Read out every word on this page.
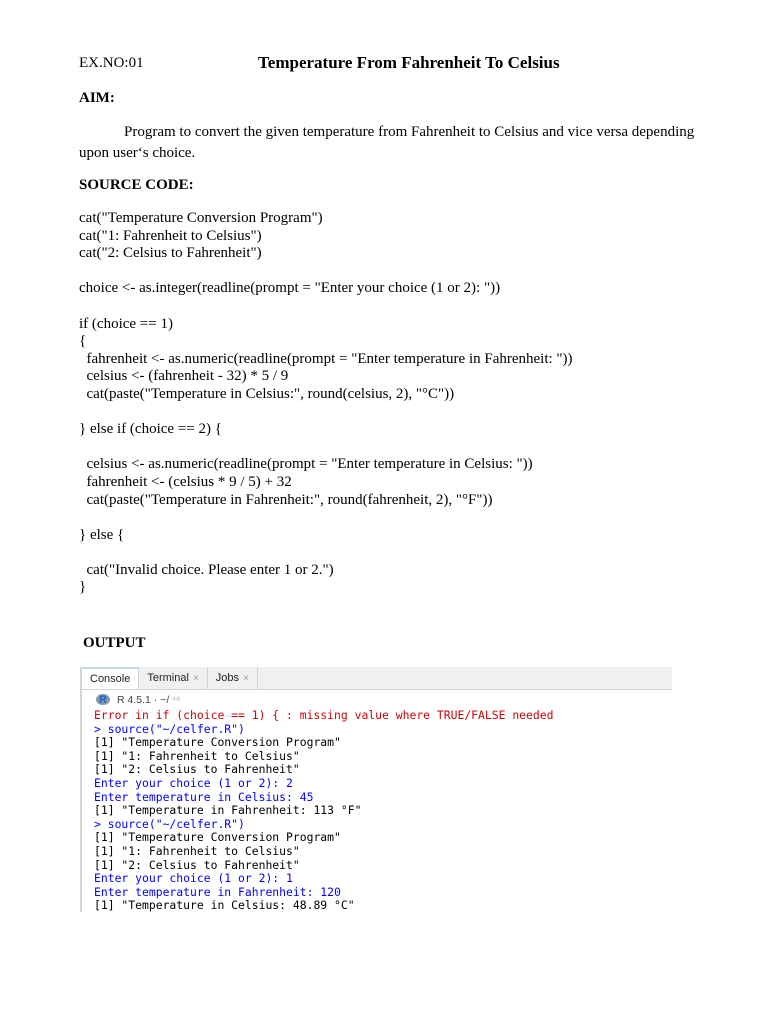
EX.NO:01	Temperature From Fahrenheit To Celsius
AIM:
Program to convert the given temperature from Fahrenheit to Celsius and vice versa depending upon user‘s choice.
SOURCE CODE:
cat("Temperature Conversion Program")
cat("1: Fahrenheit to Celsius")
cat("2: Celsius to Fahrenheit")
choice <- as.integer(readline(prompt = "Enter your choice (1 or 2): "))
if (choice == 1)
{
fahrenheit <- as.numeric(readline(prompt = "Enter temperature in Fahrenheit: "))
celsius <- (fahrenheit - 32) * 5 / 9
cat(paste("Temperature in Celsius:", round(celsius, 2), "°C"))
} else if (choice == 2) {
celsius <- as.numeric(readline(prompt = "Enter temperature in Celsius: "))
fahrenheit <- (celsius * 9 / 5) + 32
cat(paste("Temperature in Fahrenheit:", round(fahrenheit, 2), "°F"))
} else {
cat("Invalid choice. Please enter 1 or 2.")
}
OUTPUT
Console Terminal × Jobs ×
R R 4.5.1 · ~/ ⇨
Error in if (choice == 1) { : missing value where TRUE/FALSE needed
> source("~/celfer.R")
[1] "Temperature Conversion Program"
[1] "1: Fahrenheit to Celsius"
[1] "2: Celsius to Fahrenheit"
Enter your choice (1 or 2): 2
Enter temperature in Celsius: 45
[1] "Temperature in Fahrenheit: 113 °F"
> source("~/celfer.R")
[1] "Temperature Conversion Program"
[1] "1: Fahrenheit to Celsius"
[1] "2: Celsius to Fahrenheit"
Enter your choice (1 or 2): 1
Enter temperature in Fahrenheit: 120
[1] "Temperature in Celsius: 48.89 °C"
